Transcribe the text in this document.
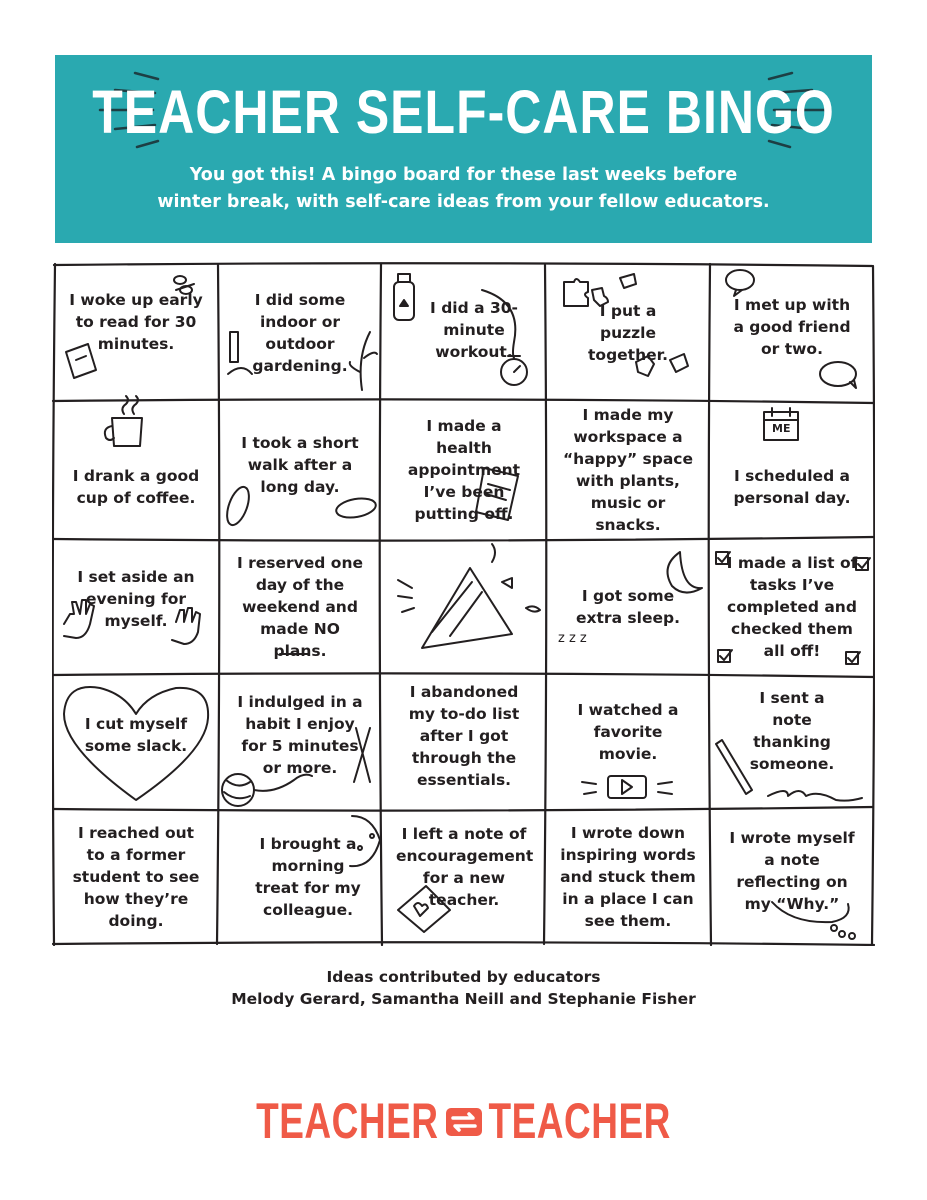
TEACHER SELF-CARE BINGO
You got this! A bingo board for these last weeks before
winter break, with self-care ideas from your fellow educators.
I woke up early to read for 30 minutes.
I did some indoor or outdoor gardening.
I did a 30-minute workout.
I put a puzzle together.
I met up with a good friend or two.
I drank a good cup of coffee.
I took a short walk after a long day.
I made a health appointment I’ve been putting off.
I made my workspace a “happy” space with plants, music or snacks.
I scheduled a personal day.
I set aside an evening for myself.
I reserved one day of the weekend and made NO plans.
I got some extra sleep.
I made a list of tasks I’ve completed and checked them all off!
I cut myself some slack.
I indulged in a habit I enjoy for 5 minutes or more.
I abandoned my to-do list after I got through the essentials.
I watched a favorite movie.
I sent a note thanking someone.
I reached out to a former student to see how they’re doing.
I brought a morning treat for my colleague.
I left a note of encouragement for a new teacher.
I wrote down inspiring words and stuck them in a place I can see them.
I wrote myself a note reflecting on my “Why.”
ME
z z z
Ideas contributed by educators
Melody Gerard, Samantha Neill and Stephanie Fisher
TEACHER TEACHER
